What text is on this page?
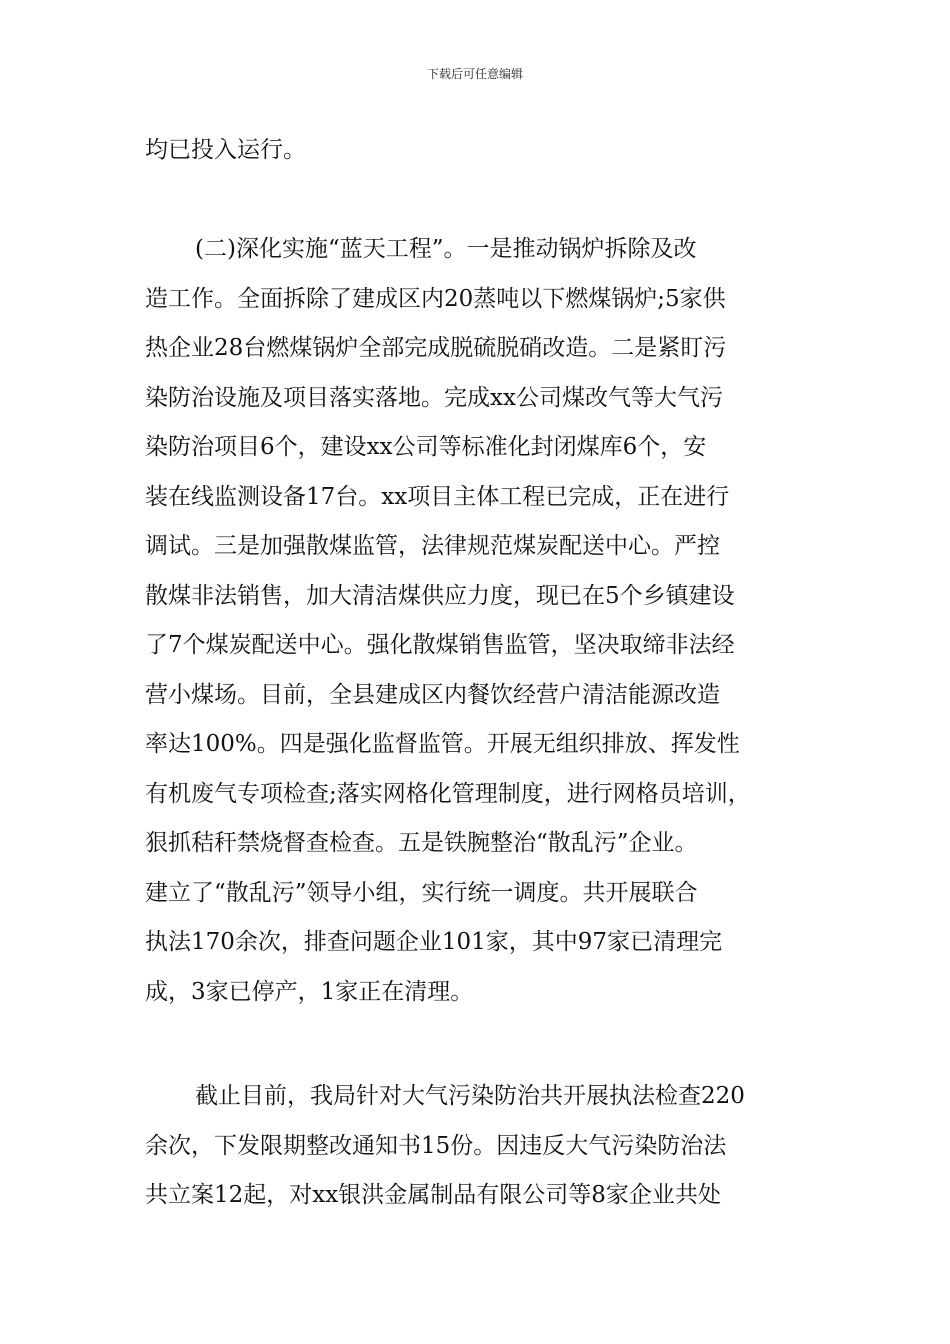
下载后可任意编辑
均已投入运行。
(二)深化实施“蓝天工程”。一是推动锅炉拆除及改
造工作。全面拆除了建成区内20蒸吨以下燃煤锅炉;5家供
热企业28台燃煤锅炉全部完成脱硫脱硝改造。二是紧盯污
染防治设施及项目落实落地。完成xx公司煤改气等大气污
染防治项目6个，建设xx公司等标准化封闭煤库6个，安
装在线监测设备17台。xx项目主体工程已完成，正在进行
调试。三是加强散煤监管，法律规范煤炭配送中心。严控
散煤非法销售，加大清洁煤供应力度，现已在5个乡镇建设
了7个煤炭配送中心。强化散煤销售监管，坚决取缔非法经
营小煤场。目前，全县建成区内餐饮经营户清洁能源改造
率达100%。四是强化监督监管。开展无组织排放、挥发性
有机废气专项检查;落实网格化管理制度，进行网格员培训，
狠抓秸秆禁烧督查检查。五是铁腕整治“散乱污”企业。
建立了“散乱污”领导小组，实行统一调度。共开展联合
执法170余次，排查问题企业101家，其中97家已清理完
成，3家已停产，1家正在清理。
截止目前，我局针对大气污染防治共开展执法检查220
余次，下发限期整改通知书15份。因违反大气污染防治法
共立案12起，对xx银洪金属制品有限公司等8家企业共处
